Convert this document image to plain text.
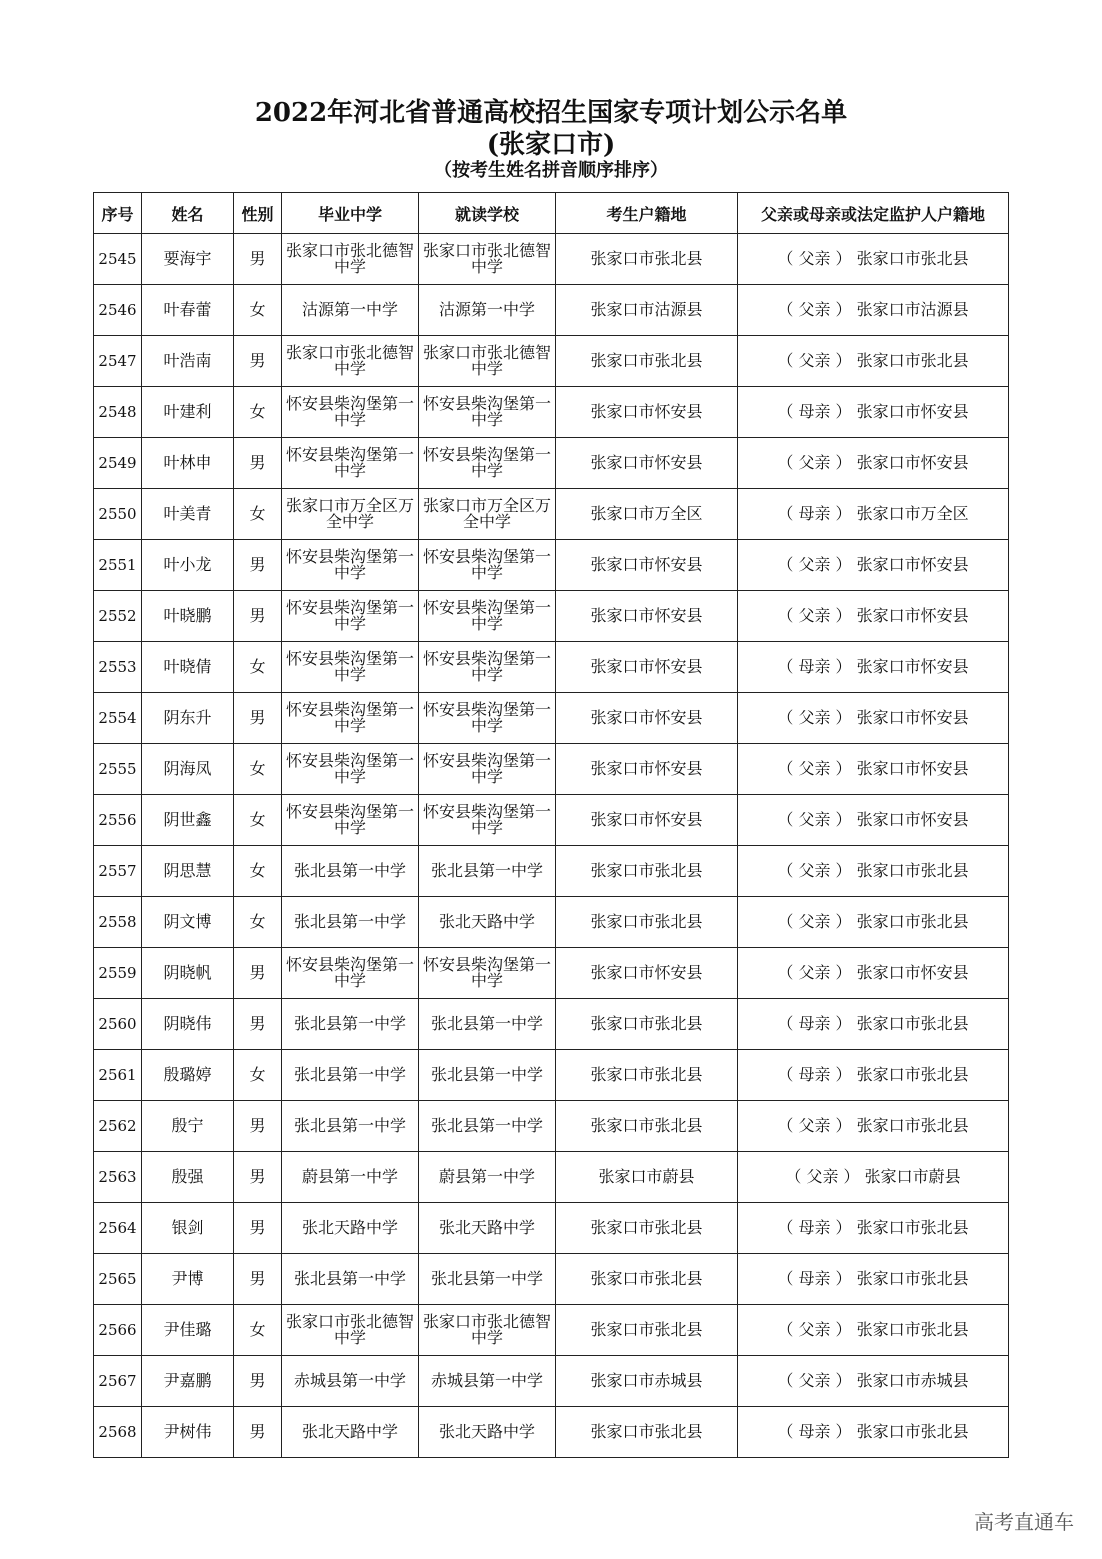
2022年河北省普通高校招生国家专项计划公示名单
(张家口市)
（按考生姓名拼音顺序排序）
序号	姓名	性别	毕业中学	就读学校	考生户籍地	父亲或母亲或法定监护人户籍地
2545	要海宇	男	张家口市张北德智中学	张家口市张北德智中学	张家口市张北县	（ 父亲 ） 张家口市张北县
2546	叶春蕾	女	沽源第一中学	沽源第一中学	张家口市沽源县	（ 父亲 ） 张家口市沽源县
2547	叶浩南	男	张家口市张北德智中学	张家口市张北德智中学	张家口市张北县	（ 父亲 ） 张家口市张北县
2548	叶建利	女	怀安县柴沟堡第一中学	怀安县柴沟堡第一中学	张家口市怀安县	（ 母亲 ） 张家口市怀安县
2549	叶林申	男	怀安县柴沟堡第一中学	怀安县柴沟堡第一中学	张家口市怀安县	（ 父亲 ） 张家口市怀安县
2550	叶美青	女	张家口市万全区万全中学	张家口市万全区万全中学	张家口市万全区	（ 母亲 ） 张家口市万全区
2551	叶小龙	男	怀安县柴沟堡第一中学	怀安县柴沟堡第一中学	张家口市怀安县	（ 父亲 ） 张家口市怀安县
2552	叶晓鹏	男	怀安县柴沟堡第一中学	怀安县柴沟堡第一中学	张家口市怀安县	（ 父亲 ） 张家口市怀安县
2553	叶晓倩	女	怀安县柴沟堡第一中学	怀安县柴沟堡第一中学	张家口市怀安县	（ 母亲 ） 张家口市怀安县
2554	阴东升	男	怀安县柴沟堡第一中学	怀安县柴沟堡第一中学	张家口市怀安县	（ 父亲 ） 张家口市怀安县
2555	阴海凤	女	怀安县柴沟堡第一中学	怀安县柴沟堡第一中学	张家口市怀安县	（ 父亲 ） 张家口市怀安县
2556	阴世鑫	女	怀安县柴沟堡第一中学	怀安县柴沟堡第一中学	张家口市怀安县	（ 父亲 ） 张家口市怀安县
2557	阴思慧	女	张北县第一中学	张北县第一中学	张家口市张北县	（ 父亲 ） 张家口市张北县
2558	阴文博	女	张北县第一中学	张北天路中学	张家口市张北县	（ 父亲 ） 张家口市张北县
2559	阴晓帆	男	怀安县柴沟堡第一中学	怀安县柴沟堡第一中学	张家口市怀安县	（ 父亲 ） 张家口市怀安县
2560	阴晓伟	男	张北县第一中学	张北县第一中学	张家口市张北县	（ 母亲 ） 张家口市张北县
2561	殷璐婷	女	张北县第一中学	张北县第一中学	张家口市张北县	（ 母亲 ） 张家口市张北县
2562	殷宁	男	张北县第一中学	张北县第一中学	张家口市张北县	（ 父亲 ） 张家口市张北县
2563	殷强	男	蔚县第一中学	蔚县第一中学	张家口市蔚县	（ 父亲 ） 张家口市蔚县
2564	银剑	男	张北天路中学	张北天路中学	张家口市张北县	（ 母亲 ） 张家口市张北县
2565	尹博	男	张北县第一中学	张北县第一中学	张家口市张北县	（ 母亲 ） 张家口市张北县
2566	尹佳璐	女	张家口市张北德智中学	张家口市张北德智中学	张家口市张北县	（ 父亲 ） 张家口市张北县
2567	尹嘉鹏	男	赤城县第一中学	赤城县第一中学	张家口市赤城县	（ 父亲 ） 张家口市赤城县
2568	尹树伟	男	张北天路中学	张北天路中学	张家口市张北县	（ 母亲 ） 张家口市张北县
高考直通车
